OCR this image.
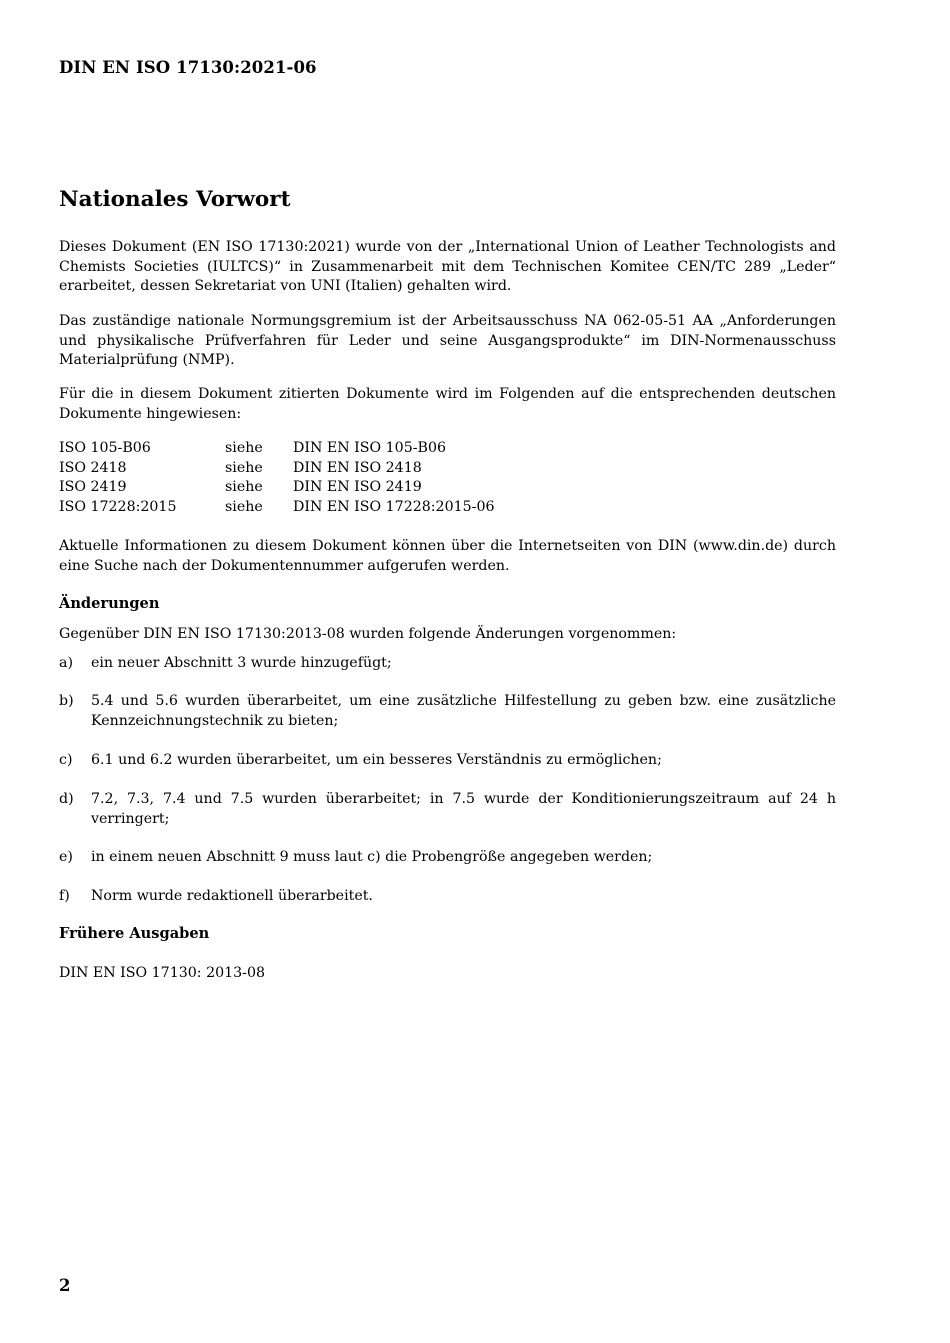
DIN EN ISO 17130:2021-06
Nationales Vorwort

Dieses Dokument (EN ISO 17130:2021) wurde von der „International Union of Leather Technologists and Chemists Societies (IULTCS)“ in Zusammenarbeit mit dem Technischen Komitee CEN/TC 289 „Leder“ erarbeitet, dessen Sekretariat von UNI (Italien) gehalten wird.

Das zuständige nationale Normungsgremium ist der Arbeitsausschuss NA 062-05-51 AA „Anforderungen und physikalische Prüfverfahren für Leder und seine Ausgangsprodukte“ im DIN-Normenausschuss Materialprüfung (NMP).

Für die in diesem Dokument zitierten Dokumente wird im Folgenden auf die entsprechenden deutschen Dokumente hingewiesen:

ISO 105-B06	siehe	DIN EN ISO 105-B06
ISO 2418	siehe	DIN EN ISO 2418
ISO 2419	siehe	DIN EN ISO 2419
ISO 17228:2015	siehe	DIN EN ISO 17228:2015-06

Aktuelle Informationen zu diesem Dokument können über die Internetseiten von DIN (www.din.de) durch eine Suche nach der Dokumentennummer aufgerufen werden.

Änderungen
Gegenüber DIN EN ISO 17130:2013-08 wurden folgende Änderungen vorgenommen:
a) ein neuer Abschnitt 3 wurde hinzugefügt;
b) 5.4 und 5.6 wurden überarbeitet, um eine zusätzliche Hilfestellung zu geben bzw. eine zusätzliche Kennzeichnungstechnik zu bieten;
c) 6.1 und 6.2 wurden überarbeitet, um ein besseres Verständnis zu ermöglichen;
d) 7.2, 7.3, 7.4 und 7.5 wurden überarbeitet; in 7.5 wurde der Konditionierungszeitraum auf 24 h verringert;
e) in einem neuen Abschnitt 9 muss laut c) die Probengröße angegeben werden;
f) Norm wurde redaktionell überarbeitet.
Frühere Ausgaben
DIN EN ISO 17130: 2013-08
2
